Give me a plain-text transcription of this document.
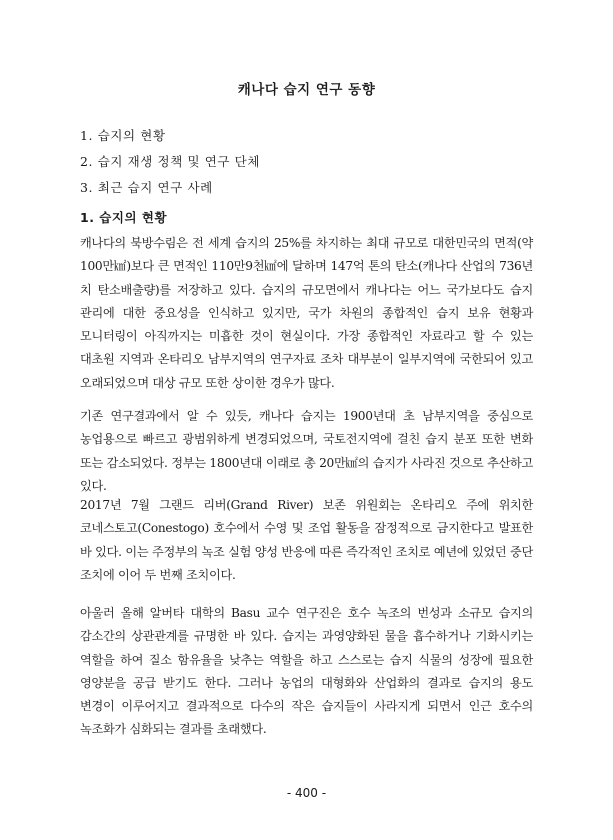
캐나다 습지 연구 동향
1. 습지의 현황
2. 습지 재생 정책 및 연구 단체
3. 최근 습지 연구 사례
1. 습지의 현황

캐나다의 북방수림은 전 세계 습지의 25%를 차지하는 최대 규모로 대한민국의 면적(약 100만㎢)보다 큰 면적인 110만9천㎢에 달하며 147억 톤의 탄소(캐나다 산업의 736년 치 탄소배출량)를 저장하고 있다. 습지의 규모면에서 캐나다는 어느 국가보다도 습지 관리에 대한 중요성을 인식하고 있지만, 국가 차원의 종합적인 습지 보유 현황과 모니터링이 아직까지는 미흡한 것이 현실이다. 가장 종합적인 자료라고 할 수 있는 대초원 지역과 온타리오 남부지역의 연구자료 조차 대부분이 일부지역에 국한되어 있고 오래되었으며 대상 규모 또한 상이한 경우가 많다.

기존 연구결과에서 알 수 있듯, 캐나다 습지는 1900년대 초 남부지역을 중심으로 농업용으로 빠르고 광범위하게 변경되었으며, 국토전지역에 걸친 습지 분포 또한 변화 또는 감소되었다. 정부는 1800년대 이래로 총 20만㎢의 습지가 사라진 것으로 추산하고 있다.

2017년 7월 그랜드 리버(Grand River) 보존 위원회는 온타리오 주에 위치한 코네스토고(Conestogo) 호수에서 수영 및 조업 활동을 잠정적으로 금지한다고 발표한 바 있다. 이는 주정부의 녹조 실험 양성 반응에 따른 즉각적인 조치로 예년에 있었던 중단 조치에 이어 두 번째 조치이다.

아울러 올해 알버타 대학의 Basu 교수 연구진은 호수 녹조의 번성과 소규모 습지의 감소간의 상관관계를 규명한 바 있다. 습지는 과영양화된 물을 흡수하거나 기화시키는 역할을 하여 질소 함유율을 낮추는 역할을 하고 스스로는 습지 식물의 성장에 필요한 영양분을 공급 받기도 한다. 그러나 농업의 대형화와 산업화의 결과로 습지의 용도 변경이 이루어지고 결과적으로 다수의 작은 습지들이 사라지게 되면서 인근 호수의 녹조화가 심화되는 결과를 초래했다.

- 400 -
